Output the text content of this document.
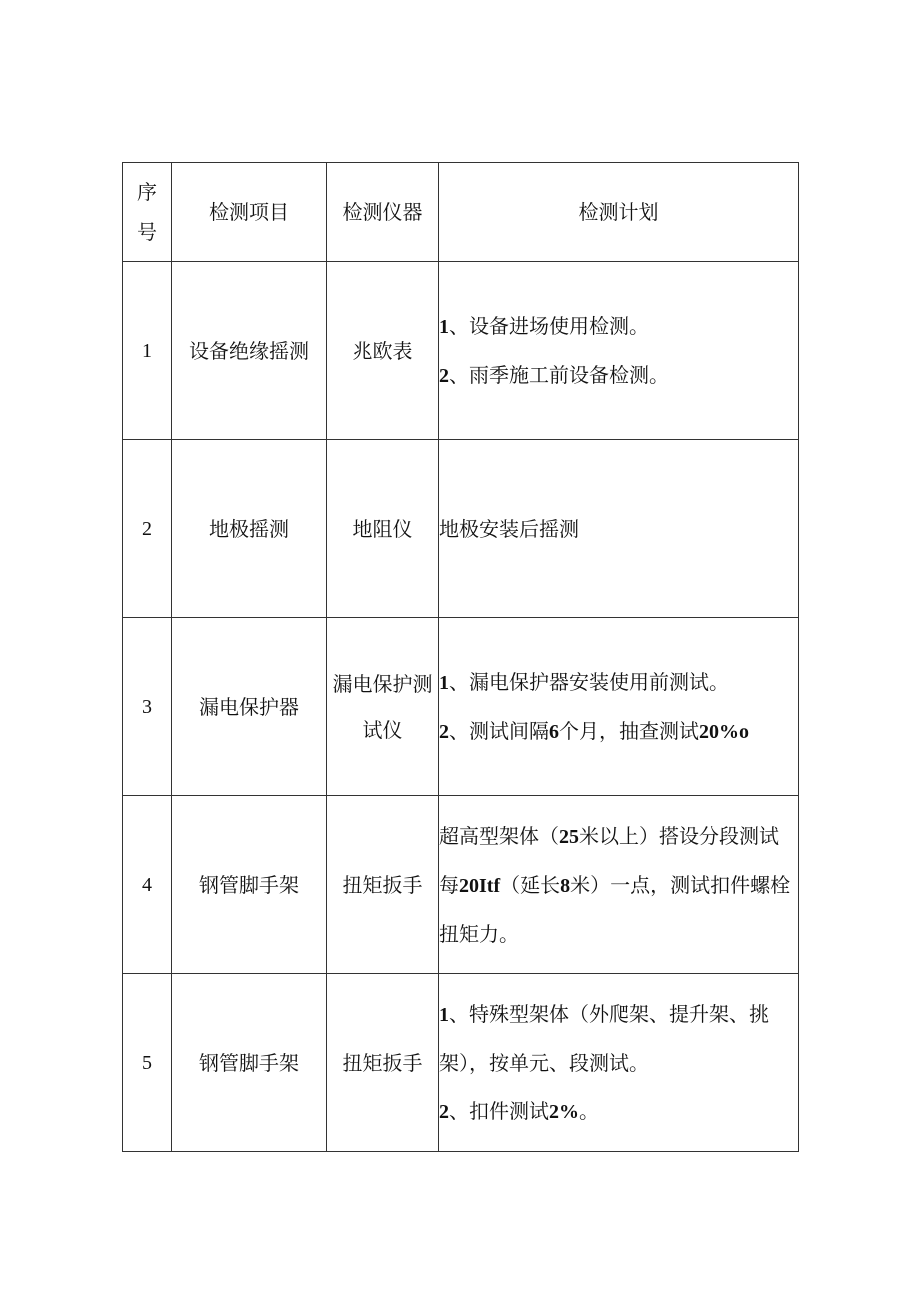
序号	检测项目	检测仪器	检测计划
1	设备绝缘摇测	兆欧表	1、设备进场使用检测。
2、雨季施工前设备检测。

2	地极摇测	地阻仪	地极安装后摇测

3	漏电保护器	漏电保护测试仪	1、漏电保护器安装使用前测试。
2、测试间隔6个月，抽查测试20%o

4	钢管脚手架	扭矩扳手	超高型架体（25米以上）搭设分段测试每20Itf（延长8米）一点，测试扣件螺栓扭矩力。

5	钢管脚手架	扭矩扳手	1、特殊型架体（外爬架、提升架、挑架），按单元、段测试。
2、扣件测试2%。
